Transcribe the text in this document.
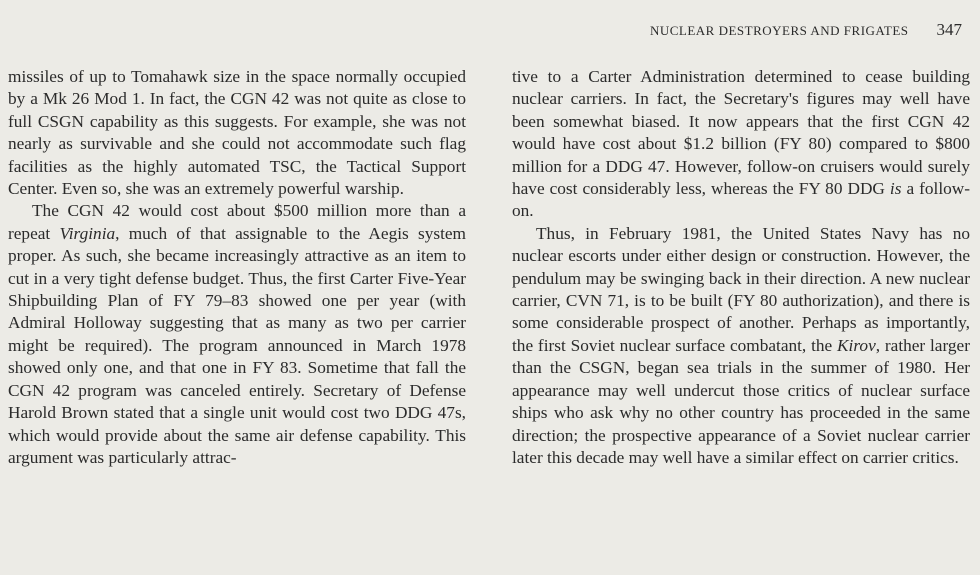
NUCLEAR DESTROYERS AND FRIGATES 347

missiles of up to Tomahawk size in the space normally occupied by a Mk 26 Mod 1. In fact, the CGN 42 was not quite as close to full CSGN capability as this suggests. For example, she was not nearly as survivable and she could not accommodate such flag facilities as the highly automated TSC, the Tactical Support Center. Even so, she was an extremely powerful warship.

The CGN 42 would cost about $500 million more than a repeat Virginia, much of that assignable to the Aegis system proper. As such, she became increasingly attractive as an item to cut in a very tight defense budget. Thus, the first Carter Five-Year Shipbuilding Plan of FY 79–83 showed one per year (with Admiral Holloway suggesting that as many as two per carrier might be required). The program announced in March 1978 showed only one, and that one in FY 83. Sometime that fall the CGN 42 program was canceled entirely. Secretary of Defense Harold Brown stated that a single unit would cost two DDG 47s, which would provide about the same air defense capability. This argument was particularly attrac-

tive to a Carter Administration determined to cease building nuclear carriers. In fact, the Secretary's figures may well have been somewhat biased. It now appears that the first CGN 42 would have cost about $1.2 billion (FY 80) compared to $800 million for a DDG 47. However, follow-on cruisers would surely have cost considerably less, whereas the FY 80 DDG is a follow-on.

Thus, in February 1981, the United States Navy has no nuclear escorts under either design or construction. However, the pendulum may be swinging back in their direction. A new nuclear carrier, CVN 71, is to be built (FY 80 authorization), and there is some considerable prospect of another. Perhaps as importantly, the first Soviet nuclear surface combatant, the Kirov, rather larger than the CSGN, began sea trials in the summer of 1980. Her appearance may well undercut those critics of nuclear surface ships who ask why no other country has proceeded in the same direction; the prospective appearance of a Soviet nuclear carrier later this decade may well have a similar effect on carrier critics.
